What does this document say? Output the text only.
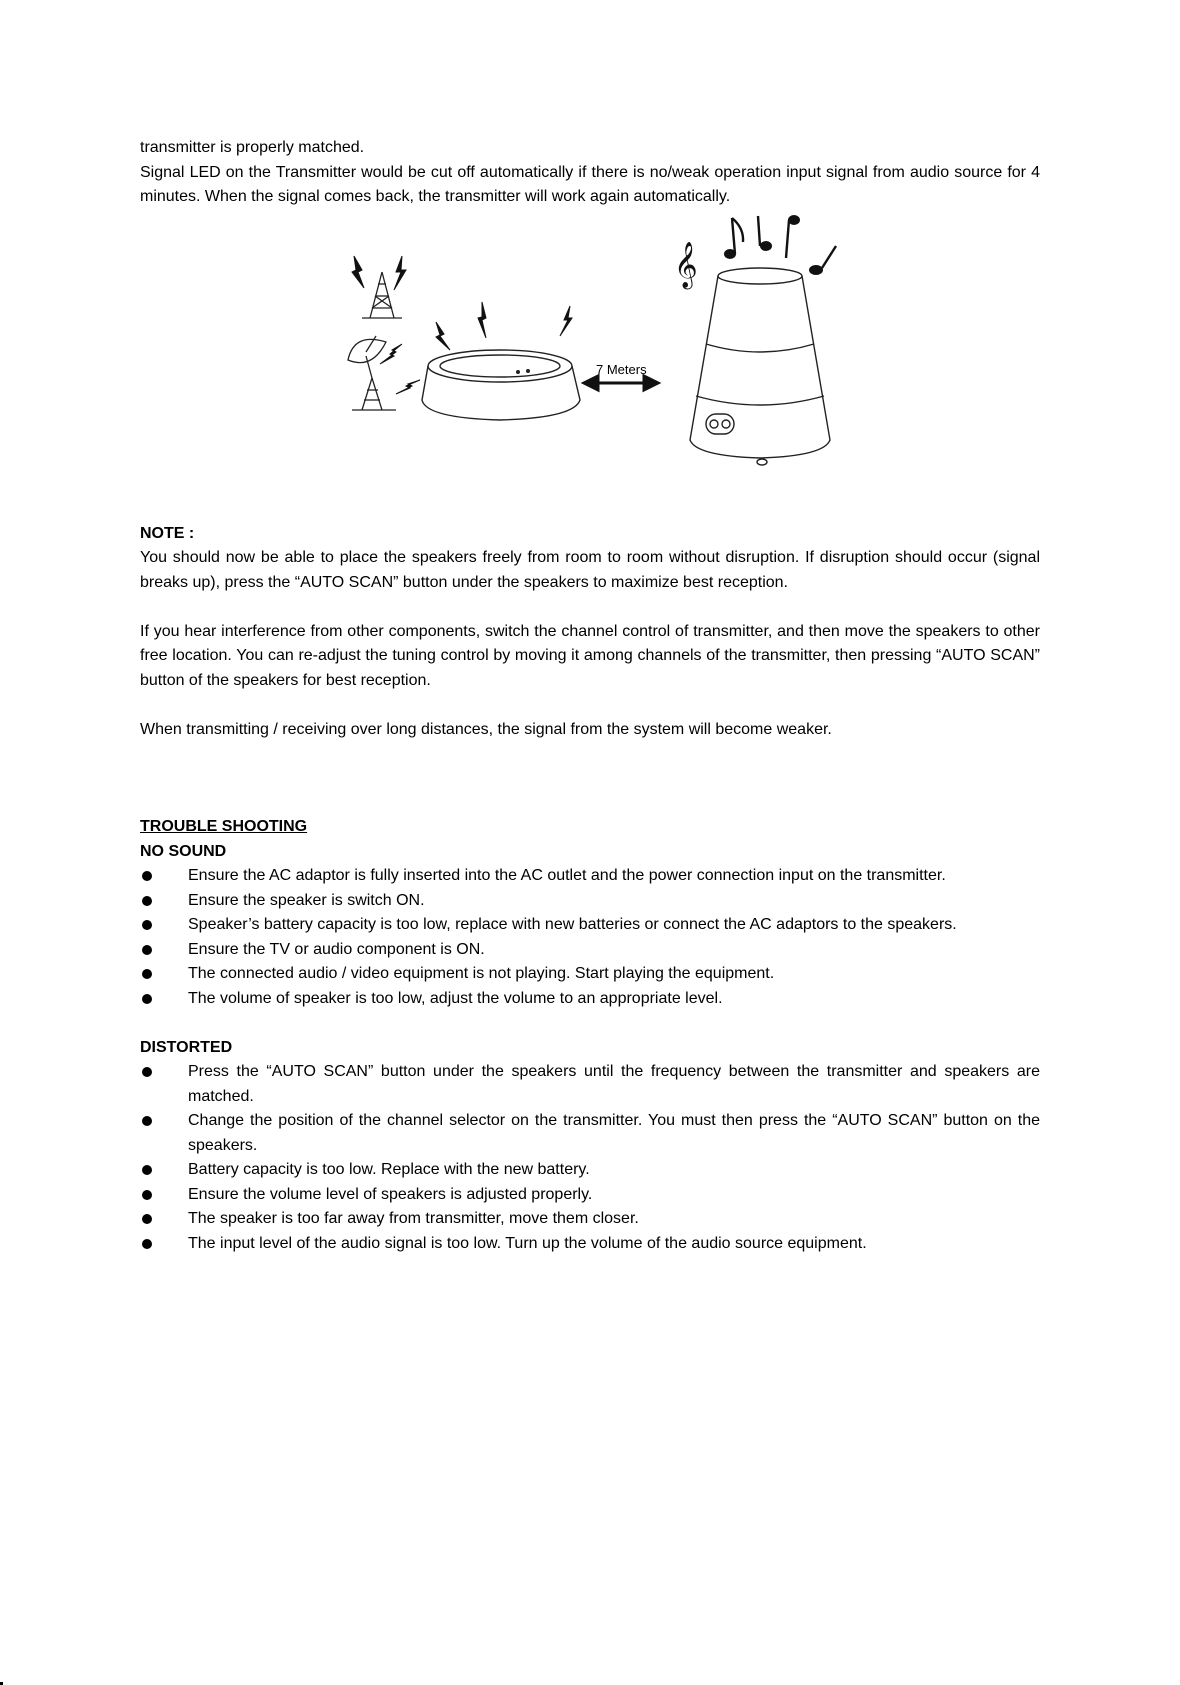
transmitter is properly matched.

Signal LED on the Transmitter would be cut off automatically if there is no/weak operation input signal from audio source for 4 minutes. When the signal comes back, the transmitter will work again automatically.

7 Meters
𝄞

NOTE :

You should now be able to place the speakers freely from room to room without disruption. If disruption should occur (signal breaks up), press the “AUTO SCAN” button under the speakers to maximize best reception.

If you hear interference from other components, switch the channel control of transmitter, and then move the speakers to other free location. You can re-adjust the tuning control by moving it among channels of the transmitter, then pressing “AUTO SCAN” button of the speakers for best reception.

When transmitting / receiving over long distances, the signal from the system will become weaker.

TROUBLE SHOOTING

NO SOUND

Ensure the AC adaptor is fully inserted into the AC outlet and the power connection input on the transmitter.
Ensure the speaker is switch ON.
Speaker’s battery capacity is too low, replace with new batteries or connect the AC adaptors to the speakers.
Ensure the TV or audio component is ON.
The connected audio / video equipment is not playing. Start playing the equipment.
The volume of speaker is too low, adjust the volume to an appropriate level.

DISTORTED

Press the “AUTO SCAN” button under the speakers until the frequency between the transmitter and speakers are matched.
Change the position of the channel selector on the transmitter. You must then press the “AUTO SCAN” button on the speakers.
Battery capacity is too low. Replace with the new battery.
Ensure the volume level of speakers is adjusted properly.
The speaker is too far away from transmitter, move them closer.
The input level of the audio signal is too low. Turn up the volume of the audio source equipment.
